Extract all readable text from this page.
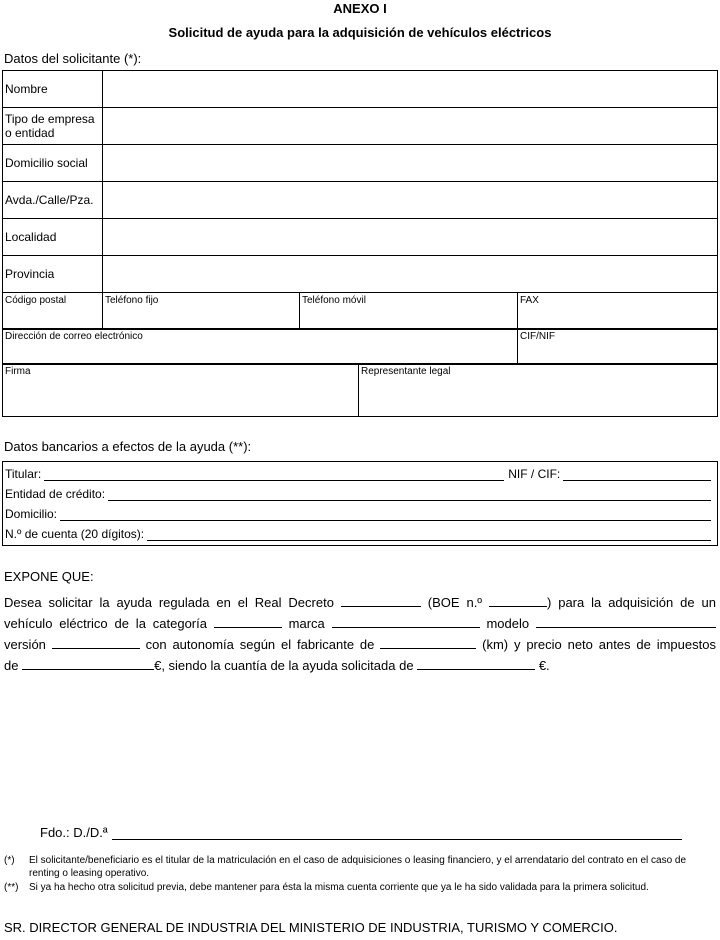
ANEXO I
Solicitud de ayuda para la adquisición de vehículos eléctricos
Datos del solicitante (*):
Nombre	
Tipo de empresa
o entidad	
Domicilio social	
Avda./Calle/Pza.	
Localidad	
Provincia	
Código postal	Teléfono fijo	Teléfono móvil	FAX
Dirección de correo electrónico	CIF/NIF
Firma	Representante legal
Datos bancarios a efectos de la ayuda (**):
Titular:	NIF / CIF:
Entidad de crédito:
Domicilio:
N.º de cuenta (20 dígitos):
EXPONE QUE:
Desea solicitar la ayuda regulada en el Real Decreto	(BOE n.º	) para la adquisición de un
vehículo eléctrico de la categoría	marca	modelo
versión	con autonomía según el fabricante de	(km) y precio neto antes de impuestos
de	€, siendo la cuantía de la ayuda solicitada de	€.
Fdo.: D./D.ª
(*)	El solicitante/beneficiario es el titular de la matriculación en el caso de adquisiciones o leasing financiero, y el arrendatario del contrato en el caso de renting o leasing operativo.
(**)	Si ya ha hecho otra solicitud previa, debe mantener para ésta la misma cuenta corriente que ya le ha sido validada para la primera solicitud.
SR. DIRECTOR GENERAL DE INDUSTRIA DEL MINISTERIO DE INDUSTRIA, TURISMO Y COMERCIO.
